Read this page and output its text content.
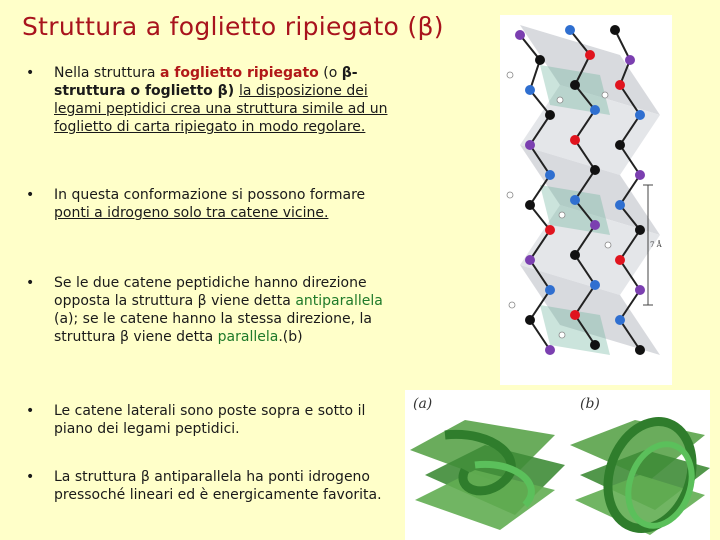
Struttura a foglietto ripiegato (β)
• Nella struttura a foglietto ripiegato (o β-struttura o foglietto β) la disposizione dei legami peptidici crea una struttura simile ad un foglietto di carta ripiegato in modo regolare.
• In questa conformazione si possono formare ponti a idrogeno solo tra catene vicine.
• Se le due catene peptidiche hanno direzione opposta la struttura β viene detta antiparallela (a); se le catene hanno la stessa direzione, la struttura β viene detta parallela.(b)
• Le catene laterali sono poste sopra e sotto il piano dei legami peptidici.
• La struttura β antiparallela ha ponti idrogeno pressoché lineari ed è energicamente favorita.
7 Å
(a)	(b)
